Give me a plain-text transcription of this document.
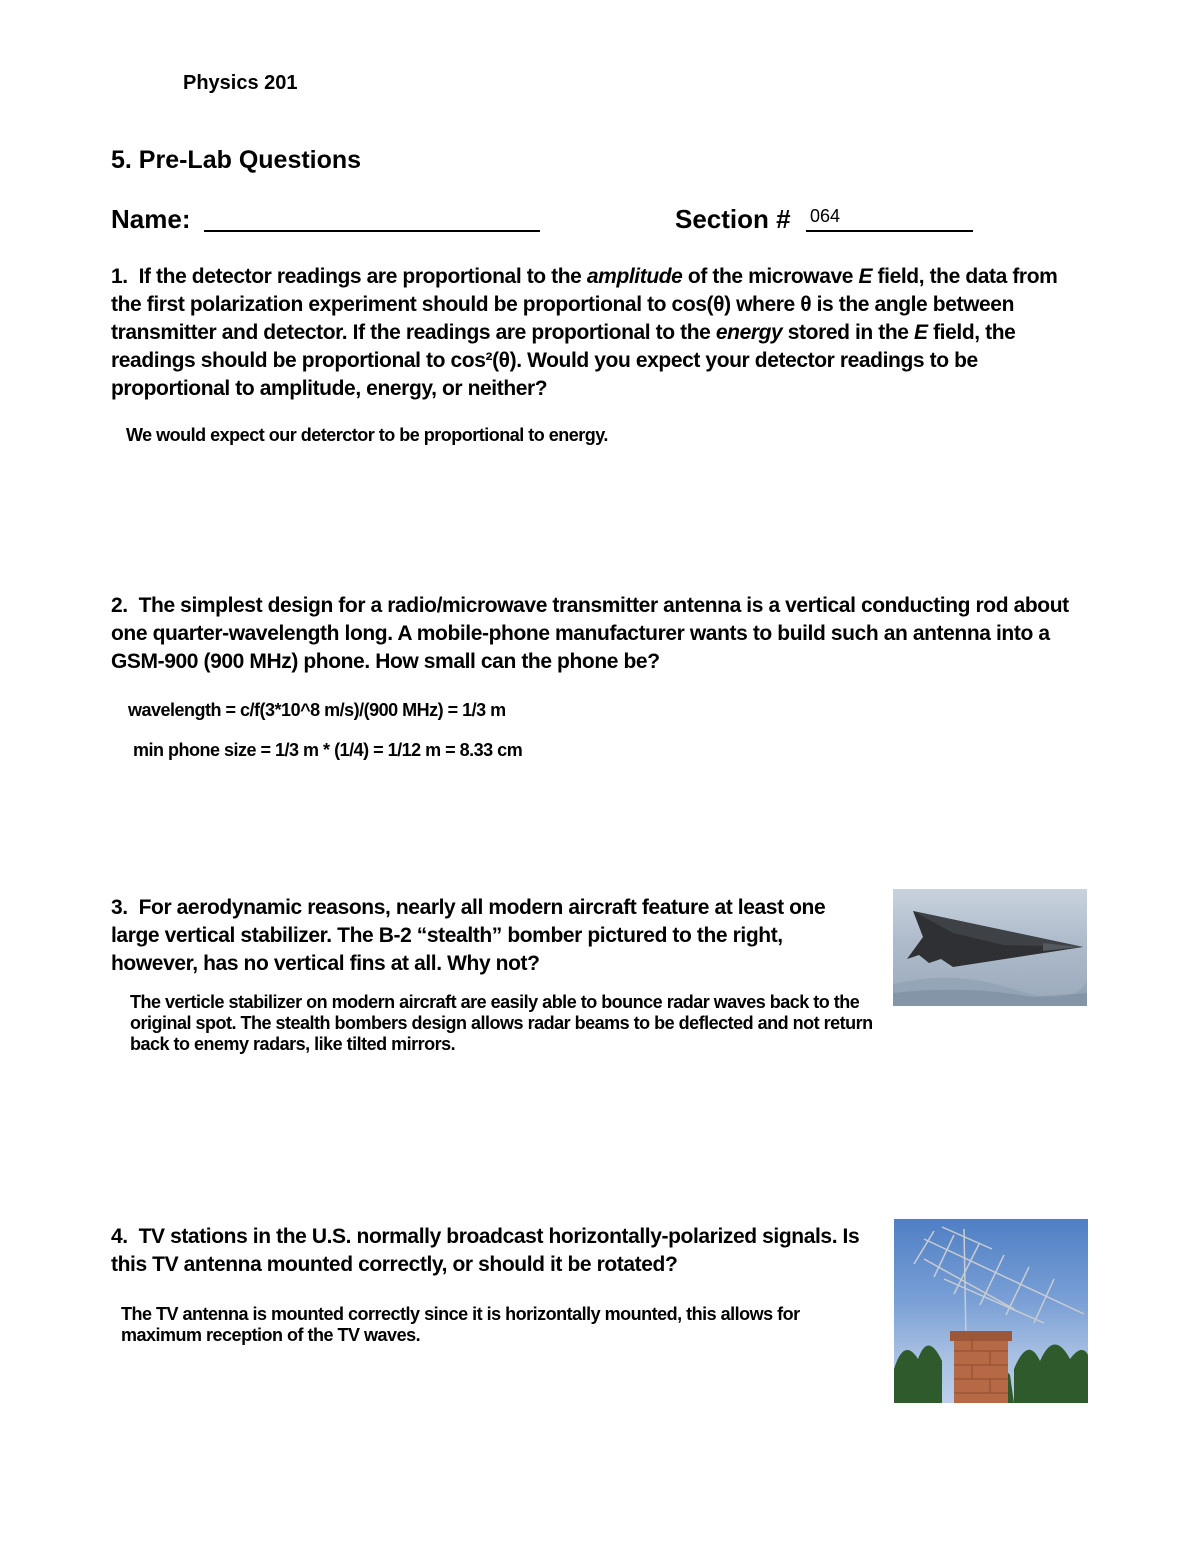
Physics 201
5. Pre-Lab Questions
Name:	Section # 064
1. If the detector readings are proportional to the amplitude of the microwave E field, the data from the first polarization experiment should be proportional to cos(θ) where θ is the angle between transmitter and detector. If the readings are proportional to the energy stored in the E field, the readings should be proportional to cos²(θ). Would you expect your detector readings to be proportional to amplitude, energy, or neither?
We would expect our deterctor to be proportional to energy.
2. The simplest design for a radio/microwave transmitter antenna is a vertical conducting rod about one quarter-wavelength long. A mobile-phone manufacturer wants to build such an antenna into a GSM-900 (900 MHz) phone. How small can the phone be?
wavelength = c/f(3*10^8 m/s)/(900 MHz) = 1/3 m
min phone size = 1/3 m * (1/4) = 1/12 m = 8.33 cm
3. For aerodynamic reasons, nearly all modern aircraft feature at least one large vertical stabilizer. The B-2 “stealth” bomber pictured to the right, however, has no vertical fins at all. Why not?
The verticle stabilizer on modern aircraft are easily able to bounce radar waves back to the original spot. The stealth bombers design allows radar beams to be deflected and not return back to enemy radars, like tilted mirrors.
4. TV stations in the U.S. normally broadcast horizontally-polarized signals. Is this TV antenna mounted correctly, or should it be rotated?
The TV antenna is mounted correctly since it is horizontally mounted, this allows for maximum reception of the TV waves.
